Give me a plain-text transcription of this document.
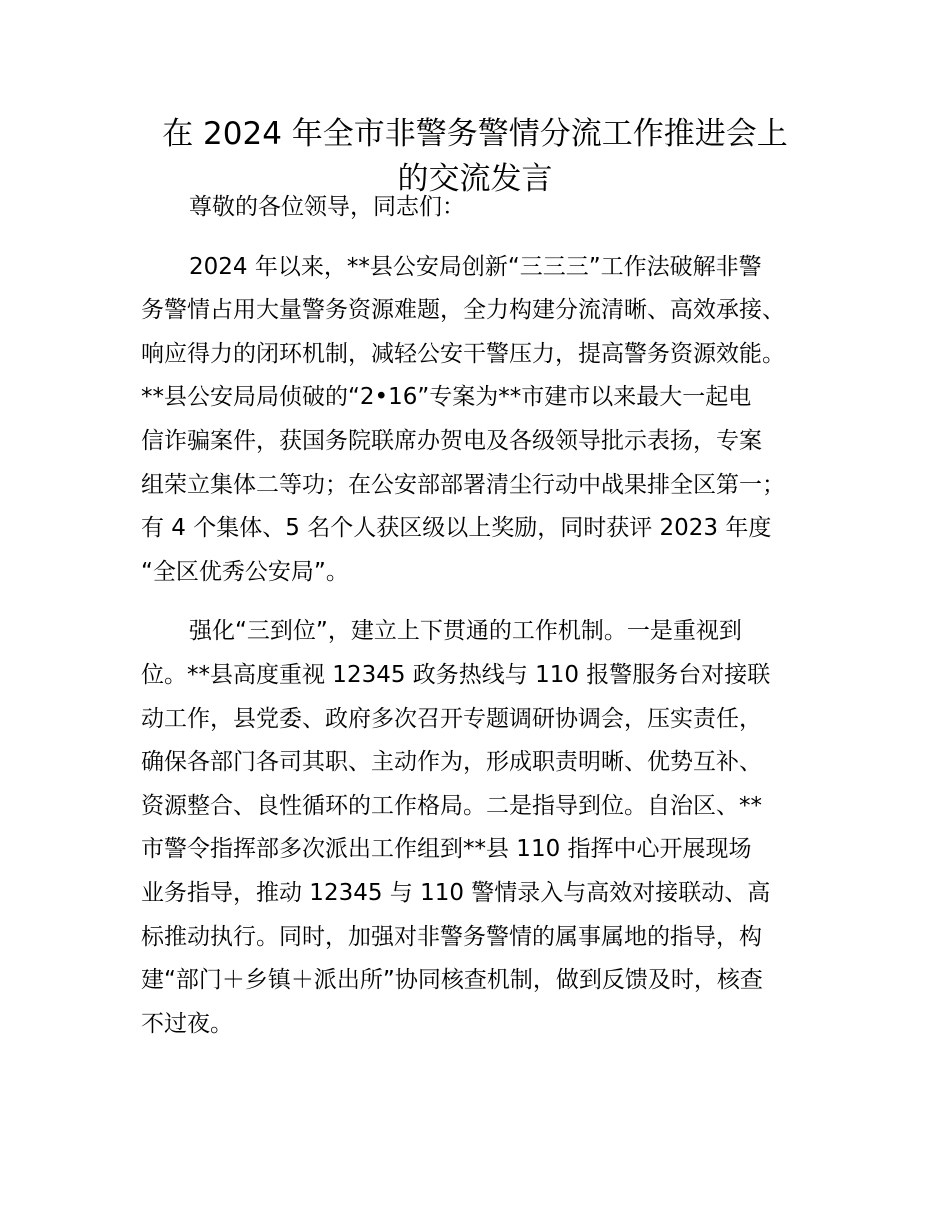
在 2024 年全市非警务警情分流工作推进会上
的交流发言

尊敬的各位领导，同志们：

2024 年以来，**县公安局创新“三三三”工作法破解非警
务警情占用大量警务资源难题，全力构建分流清晰、高效承接、
响应得力的闭环机制，减轻公安干警压力，提高警务资源效能。
**县公安局局侦破的“2•16”专案为**市建市以来最大一起电
信诈骗案件，获国务院联席办贺电及各级领导批示表扬，专案
组荣立集体二等功；在公安部部署清尘行动中战果排全区第一；
有 4 个集体、5 名个人获区级以上奖励，同时获评 2023 年度
“全区优秀公安局”。

强化“三到位”，建立上下贯通的工作机制。一是重视到
位。**县高度重视 12345 政务热线与 110 报警服务台对接联
动工作，县党委、政府多次召开专题调研协调会，压实责任，
确保各部门各司其职、主动作为，形成职责明晰、优势互补、
资源整合、良性循环的工作格局。二是指导到位。自治区、**
市警令指挥部多次派出工作组到**县 110 指挥中心开展现场
业务指导，推动 12345 与 110 警情录入与高效对接联动、高
标推动执行。同时，加强对非警务警情的属事属地的指导，构
建“部门＋乡镇＋派出所”协同核查机制，做到反馈及时，核查
不过夜。
